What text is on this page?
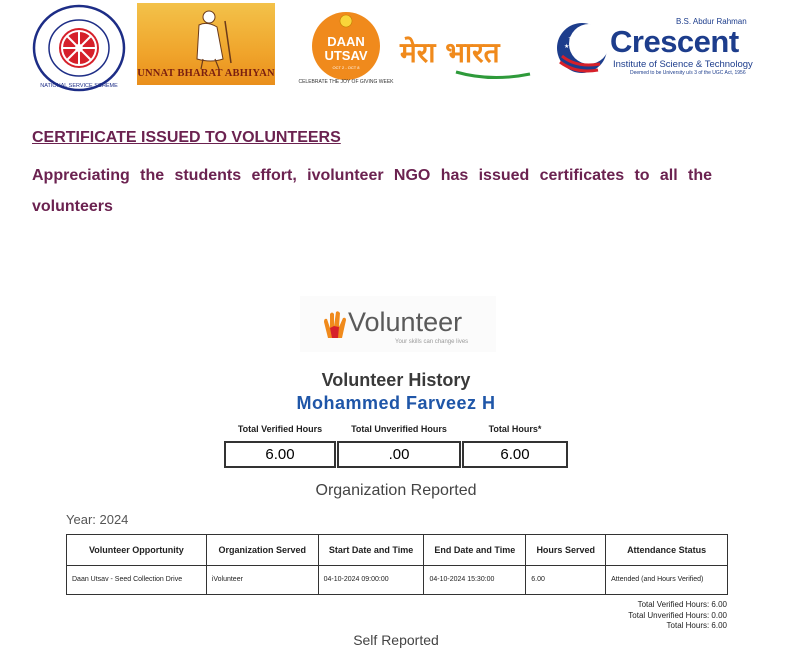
NATIONAL SERVICE SCHEME
UNNAT BHARAT ABHIYAN
DAAN
UTSAV
OCT 2 - OCT 8
CELEBRATE THE JOY OF GIVING WEEK
मेरा भारत	★
★ ★
B.S. Abdur Rahman
Crescent
Institute of Science & Technology
Deemed to be University u/s 3 of the UGC Act, 1956
CERTIFICATE ISSUED TO VOLUNTEERS
Appreciating the students effort, ivolunteer NGO has issued certificates to all the volunteers
Volunteer
Your skills can change lives
Volunteer History
Mohammed Farveez H
Total Verified Hours	Total Unverified Hours	Total Hours*
6.00	.00	6.00
Organization Reported
Year: 2024
Volunteer Opportunity	Organization Served	Start Date and Time	End Date and Time	Hours Served	Attendance Status
Daan Utsav - Seed Collection Drive	iVolunteer	04-10-2024 09:00:00	04-10-2024 15:30:00	6.00	Attended (and Hours Verified)
Total Verified Hours: 6.00
Total Unverified Hours: 0.00
Total Hours: 6.00
Self Reported
